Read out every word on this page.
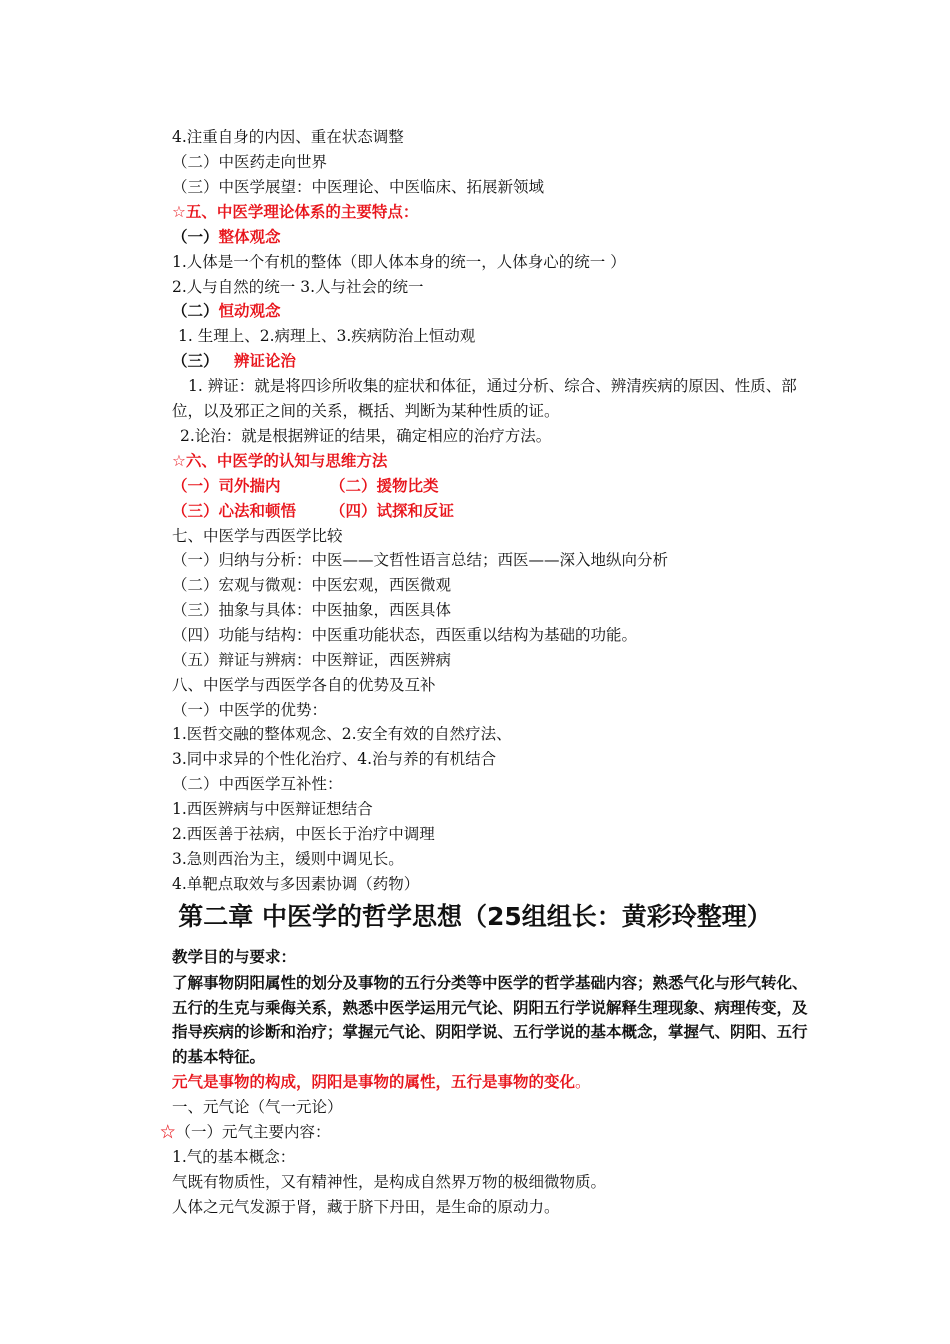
4.注重自身的内因、重在状态调整
（二）中医药走向世界
（三）中医学展望：中医理论、中医临床、拓展新领域
☆五、中医学理论体系的主要特点：
（一）整体观念
1.人体是一个有机的整体（即人体本身的统一，人体身心的统一 ）
2.人与自然的统一 3.人与社会的统一
（二）恒动观念
1. 生理上、2.病理上、3.疾病防治上恒动观
（三） 辨证论治
1. 辨证：就是将四诊所收集的症状和体征，通过分析、综合、辨清疾病的原因、性质、部位，以及邪正之间的关系，概括、判断为某种性质的证。
2.论治：就是根据辨证的结果，确定相应的治疗方法。
☆六、中医学的认知与思维方法
（一）司外揣内	（二）援物比类
（三）心法和顿悟 （四）试探和反证
七、中医学与西医学比较
（一）归纳与分析：中医——文哲性语言总结；西医——深入地纵向分析
（二）宏观与微观：中医宏观，西医微观
（三）抽象与具体：中医抽象，西医具体
（四）功能与结构：中医重功能状态，西医重以结构为基础的功能。
（五）辩证与辨病：中医辩证，西医辨病
八、中医学与西医学各自的优势及互补
（一）中医学的优势：
1.医哲交融的整体观念、2.安全有效的自然疗法、
3.同中求异的个性化治疗、4.治与养的有机结合
（二）中西医学互补性：
1.西医辨病与中医辩证想结合
2.西医善于祛病，中医长于治疗中调理
3.急则西治为主，缓则中调见长。
4.单靶点取效与多因素协调（药物）
第二章 中医学的哲学思想（25组组长：黄彩玲整理）
教学目的与要求：
了解事物阴阳属性的划分及事物的五行分类等中医学的哲学基础内容；熟悉气化与形气转化、五行的生克与乘侮关系，熟悉中医学运用元气论、阴阳五行学说解释生理现象、病理传变，及指导疾病的诊断和治疗；掌握元气论、阴阳学说、五行学说的基本概念，掌握气、阴阳、五行的基本特征。
元气是事物的构成，阴阳是事物的属性，五行是事物的变化。
一、元气论（气一元论）
☆（一）元气主要内容：
1.气的基本概念：
气既有物质性，又有精神性，是构成自然界万物的极细微物质。
人体之元气发源于肾，藏于脐下丹田，是生命的原动力。
